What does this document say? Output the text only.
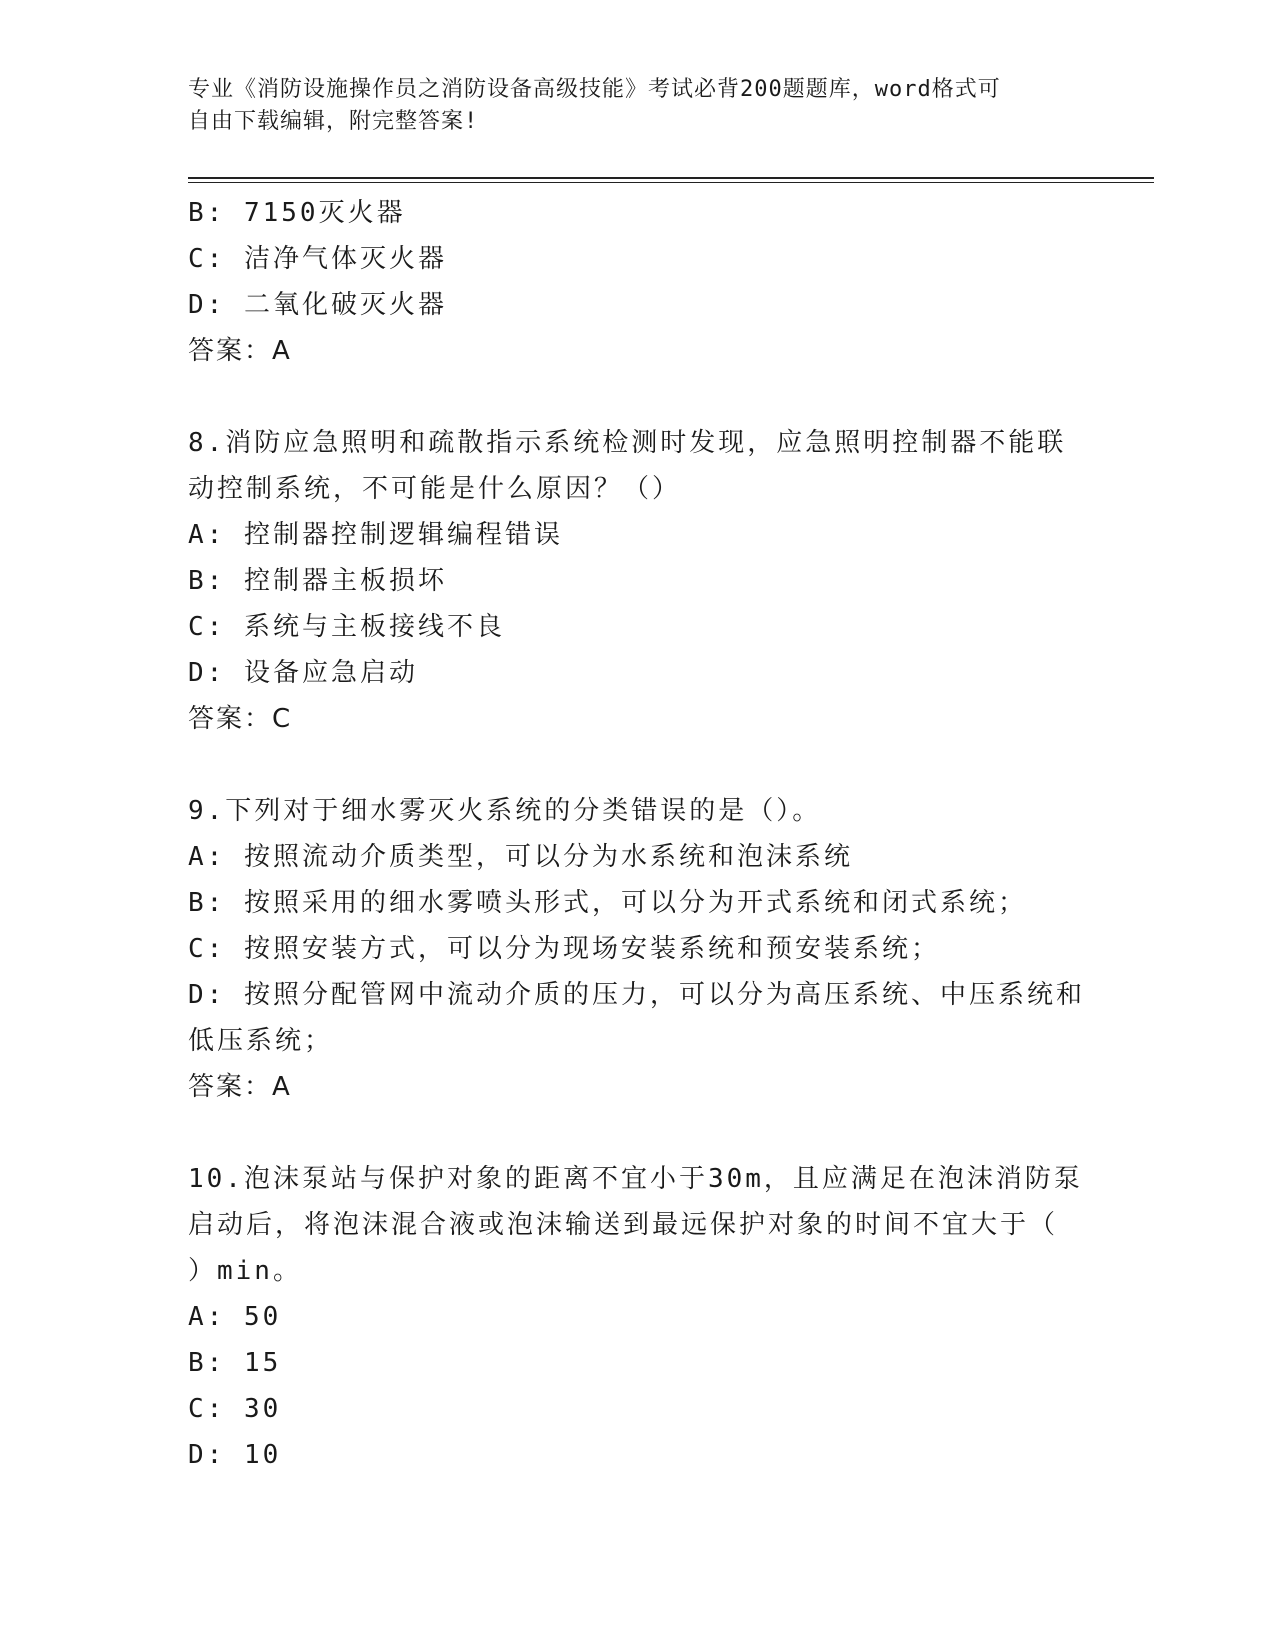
专业《消防设施操作员之消防设备高级技能》考试必背200题题库，word格式可
自由下载编辑，附完整答案!
B: 7150灭火器
C: 洁净气体灭火器
D: 二氧化破灭火器
答案：A
8.消防应急照明和疏散指示系统检测时发现，应急照明控制器不能联
动控制系统，不可能是什么原因？（）
A: 控制器控制逻辑编程错误
B: 控制器主板损坏
C: 系统与主板接线不良
D: 设备应急启动
答案：C
9.下列对于细水雾灭火系统的分类错误的是（）。
A: 按照流动介质类型，可以分为水系统和泡沫系统
B: 按照采用的细水雾喷头形式，可以分为开式系统和闭式系统；
C: 按照安装方式，可以分为现场安装系统和预安装系统；
D: 按照分配管网中流动介质的压力，可以分为高压系统、中压系统和
低压系统；
答案：A
10.泡沫泵站与保护对象的距离不宜小于30m，且应满足在泡沫消防泵
启动后，将泡沫混合液或泡沫输送到最远保护对象的时间不宜大于（
）min。
A: 50
B: 15
C: 30
D: 10
